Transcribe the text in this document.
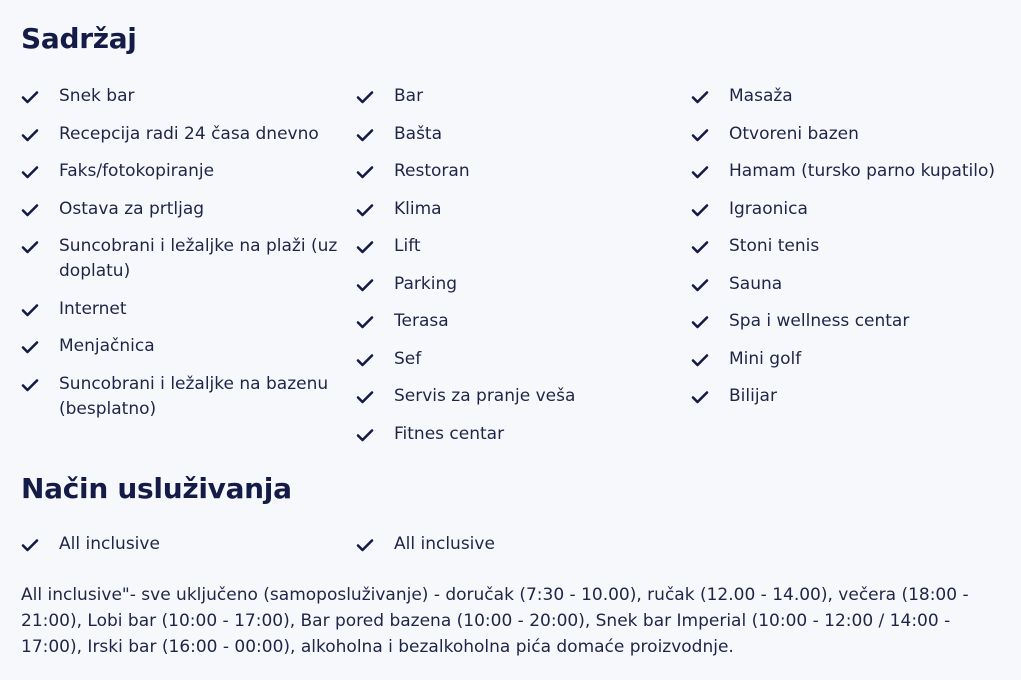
Sadržaj
Snek bar
Recepcija radi 24 časa dnevno
Faks/fotokopiranje
Ostava za prtljag
Suncobrani i ležaljke na plaži (uz doplatu)
Internet
Menjačnica
Suncobrani i ležaljke na bazenu (besplatno)
Bar
Bašta
Restoran
Klima
Lift
Parking
Terasa
Sef
Servis za pranje veša
Fitnes centar
Masaža
Otvoreni bazen
Hamam (tursko parno kupatilo)
Igraonica
Stoni tenis
Sauna
Spa i wellness centar
Mini golf
Bilijar
Način usluživanja
All inclusive	All inclusive

All inclusive"- sve uključeno (samoposluživanje) - doručak (7:30 - 10.00), ručak (12.00 - 14.00), večera (18:00 - 21:00), Lobi bar (10:00 - 17:00), Bar pored bazena (10:00 - 20:00), Snek bar Imperial (10:00 - 12:00 / 14:00 - 17:00), Irski bar (16:00 - 00:00), alkoholna i bezalkoholna pića domaće proizvodnje.
